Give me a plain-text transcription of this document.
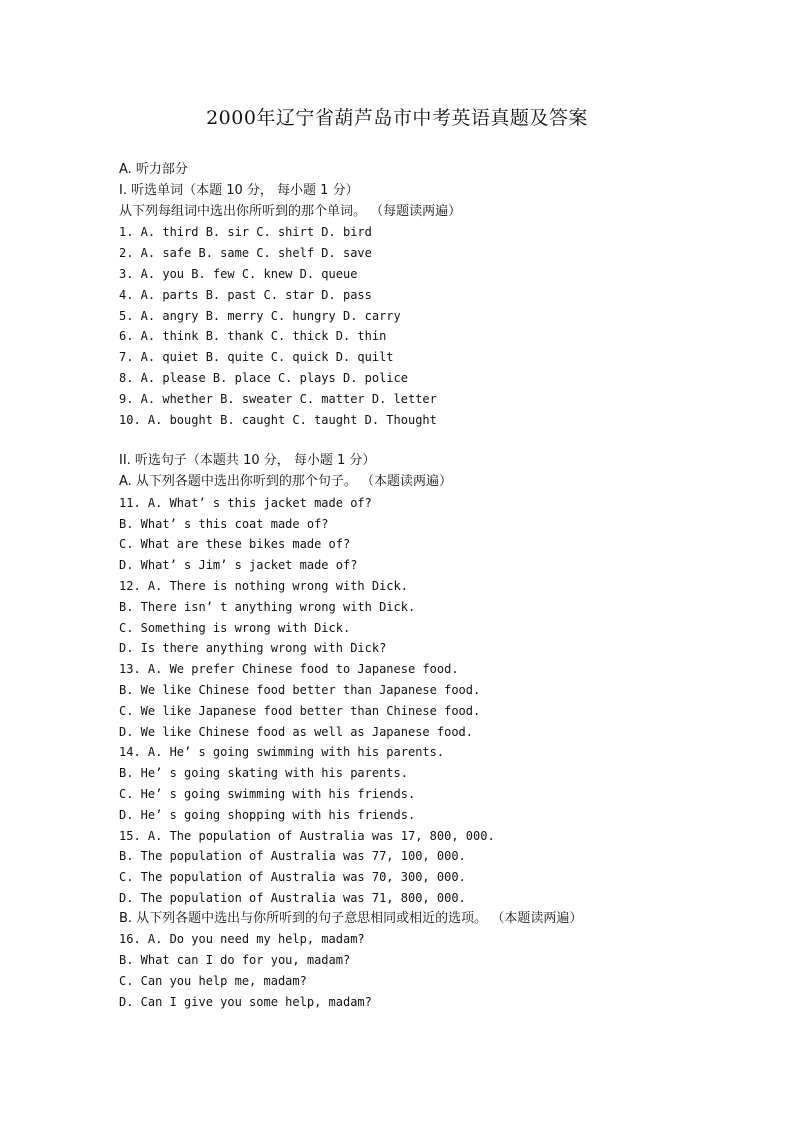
2000年辽宁省葫芦岛市中考英语真题及答案
A. 听力部分
I. 听选单词（本题 10 分， 每小题 1 分）
从下列每组词中选出你所听到的那个单词。 （每题读两遍）
1. A. third B. sir C. shirt D. bird
2. A. safe B. same C. shelf D. save
3. A. you B. few C. knew D. queue
4. A. parts B. past C. star D. pass
5. A. angry B. merry C. hungry D. carry
6. A. think B. thank C. thick D. thin
7. A. quiet B. quite C. quick D. quilt
8. A. please B. place C. plays D. police
9. A. whether B. sweater C. matter D. letter
10. A. bought B. caught C. taught D. Thought
II. 听选句子（本题共 10 分， 每小题 1 分）
A. 从下列各题中选出你听到的那个句子。 （本题读两遍）
11. A. What’ s this jacket made of?
B. What’ s this coat made of?
C. What are these bikes made of?
D. What’ s Jim’ s jacket made of?
12. A. There is nothing wrong with Dick.
B. There isn’ t anything wrong with Dick.
C. Something is wrong with Dick.
D. Is there anything wrong with Dick?
13. A. We prefer Chinese food to Japanese food.
B. We like Chinese food better than Japanese food.
C. We like Japanese food better than Chinese food.
D. We like Chinese food as well as Japanese food.
14. A. He’ s going swimming with his parents.
B. He’ s going skating with his parents.
C. He’ s going swimming with his friends.
D. He’ s going shopping with his friends.
15. A. The population of Australia was 17, 800, 000.
B. The population of Australia was 77, 100, 000.
C. The population of Australia was 70, 300, 000.
D. The population of Australia was 71, 800, 000.
B. 从下列各题中选出与你所听到的句子意思相同或相近的选项。 （本题读两遍）
16. A. Do you need my help, madam?
B. What can I do for you, madam?
C. Can you help me, madam?
D. Can I give you some help, madam?
